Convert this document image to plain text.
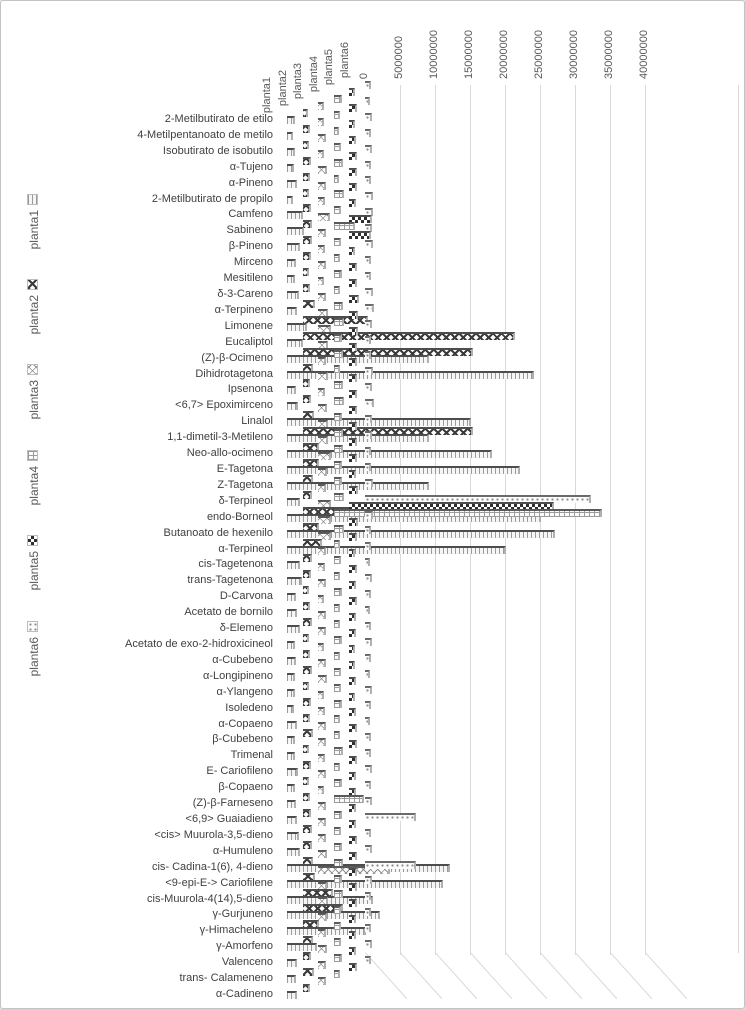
planta1
planta2
planta3
planta4
planta5
planta6
0 5000000 10000000 15000000 20000000 25000000 30000000 35000000 40000000
planta1 planta2 planta3 planta4 planta5 planta6
2-Metilbutirato de etilo
4-Metilpentanoato de metilo
Isobutirato de isobutilo
α-Tujeno
α-Pineno
2-Metilbutirato de propilo
Camfeno
Sabineno
β-Pineno
Mirceno
Mesitileno
δ-3-Careno
α-Terpineno
Limonene
Eucaliptol
(Z)-β-Ocimeno
Dihidrotagetona
Ipsenona
<6,7> Epoximirceno
Linalol
1,1-dimetil-3-Metileno
Neo-allo-ocimeno
E-Tagetona
Z-Tagetona
δ-Terpineol
endo-Borneol
Butanoato de hexenilo
α-Terpineol
cis-Tagetenona
trans-Tagetenona
D-Carvona
Acetato de bornilo
δ-Elemeno
Acetato de exo-2-hidroxicineol
α-Cubebeno
α-Longipineno
α-Ylangeno
Isoledeno
α-Copaeno
β-Cubebeno
Trimenal
E- Cariofileno
β-Copaeno
(Z)-β-Farneseno
<6,9> Guaiadieno
<cis> Muurola-3,5-dieno
α-Humuleno
cis- Cadina-1(6), 4-dieno
<9-epi-E-> Cariofilene
cis-Muurola-4(14),5-dieno
γ-Gurjuneno
γ-Himacheleno
γ-Amorfeno
Valenceno
trans- Calameneno
α-Cadineno
